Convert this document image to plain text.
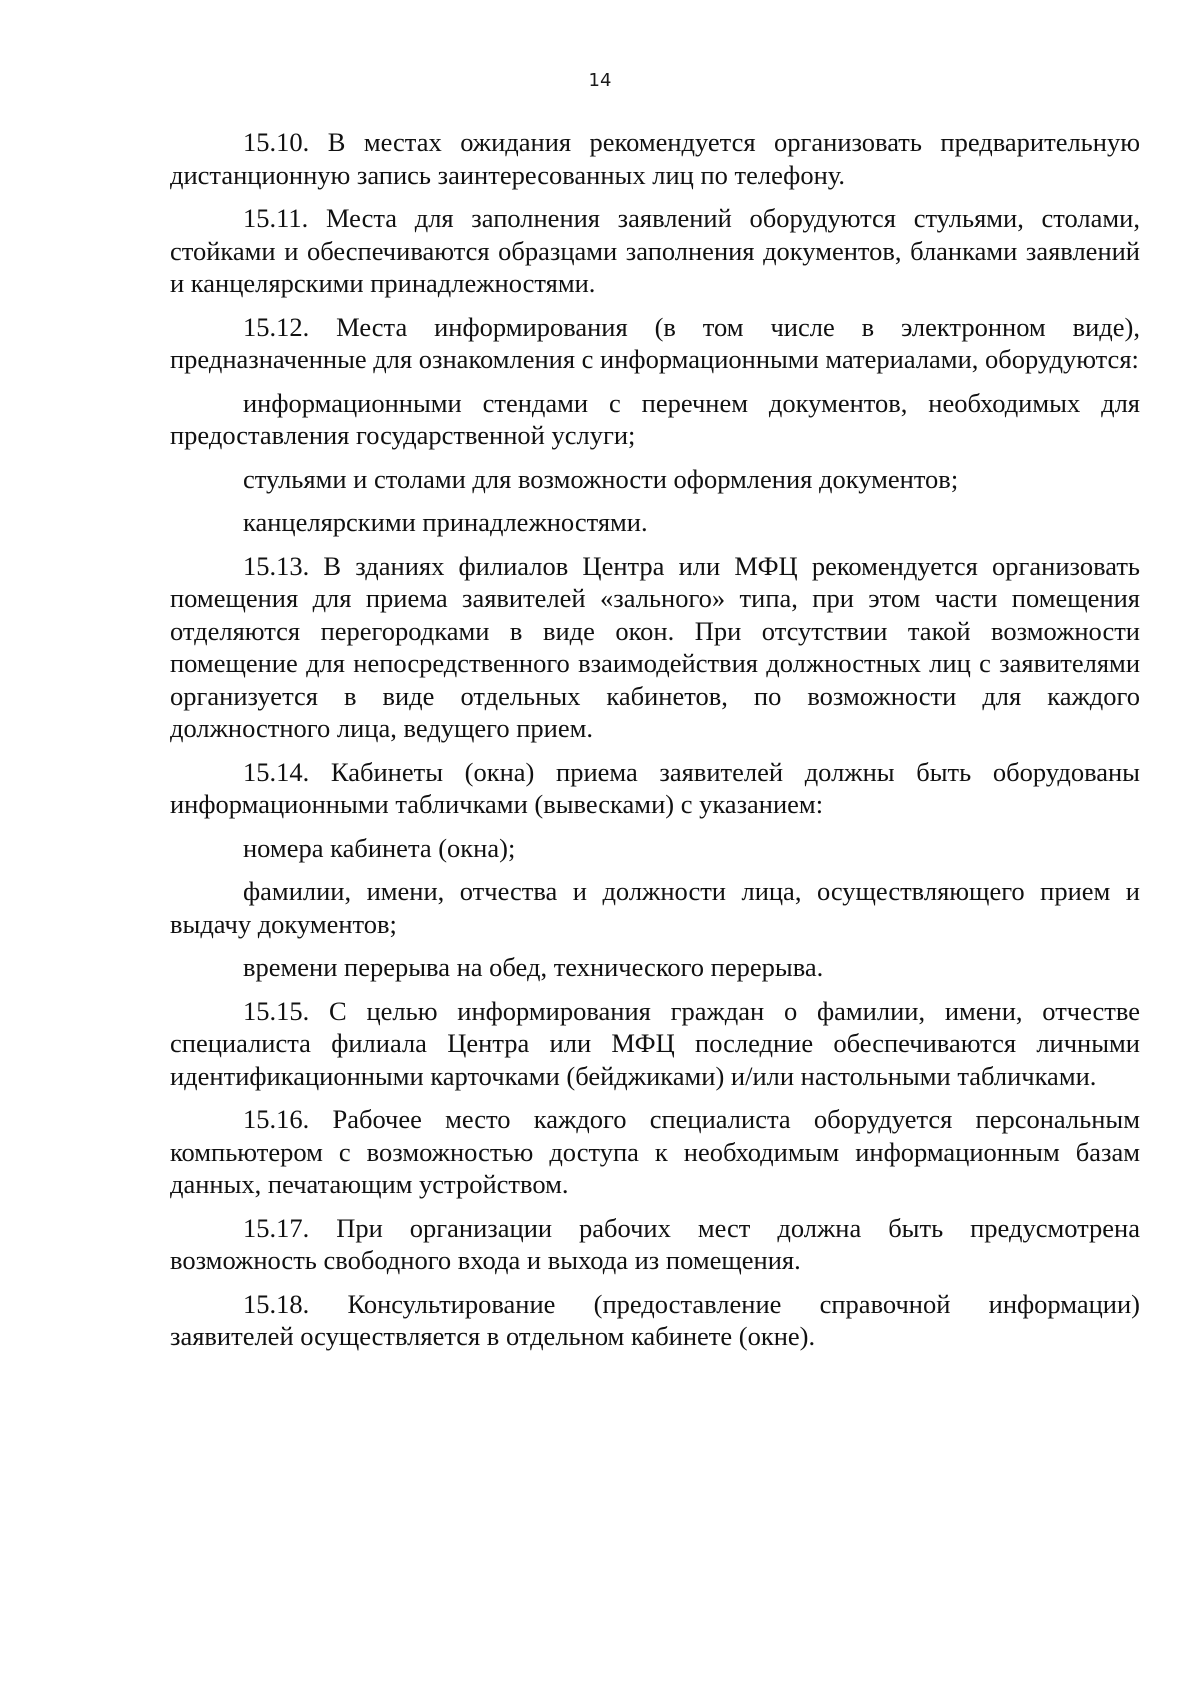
14

15.10. В местах ожидания рекомендуется организовать предварительную дистанционную запись заинтересованных лиц по телефону.

15.11. Места для заполнения заявлений оборудуются стульями, столами, стойками и обеспечиваются образцами заполнения документов, бланками заявлений и канцелярскими принадлежностями.

15.12. Места информирования (в том числе в электронном виде), предназначенные для ознакомления с информационными материалами, оборудуются:

информационными стендами с перечнем документов, необходимых для предоставления государственной услуги;

стульями и столами для возможности оформления документов;

канцелярскими принадлежностями.

15.13. В зданиях филиалов Центра или МФЦ рекомендуется организовать помещения для приема заявителей «зального» типа, при этом части помещения отделяются перегородками в виде окон. При отсутствии такой возможности помещение для непосредственного взаимодействия должностных лиц с заявителями организуется в виде отдельных кабинетов, по возможности для каждого должностного лица, ведущего прием.

15.14. Кабинеты (окна) приема заявителей должны быть оборудованы информационными табличками (вывесками) с указанием:

номера кабинета (окна);

фамилии, имени, отчества и должности лица, осуществляющего прием и выдачу документов;

времени перерыва на обед, технического перерыва.

15.15. С целью информирования граждан о фамилии, имени, отчестве специалиста филиала Центра или МФЦ последние обеспечиваются личными идентификационными карточками (бейджиками) и/или настольными табличками.

15.16. Рабочее место каждого специалиста оборудуется персональным компьютером с возможностью доступа к необходимым информационным базам данных, печатающим устройством.

15.17. При организации рабочих мест должна быть предусмотрена возможность свободного входа и выхода из помещения.

15.18. Консультирование (предоставление справочной информации) заявителей осуществляется в отдельном кабинете (окне).
